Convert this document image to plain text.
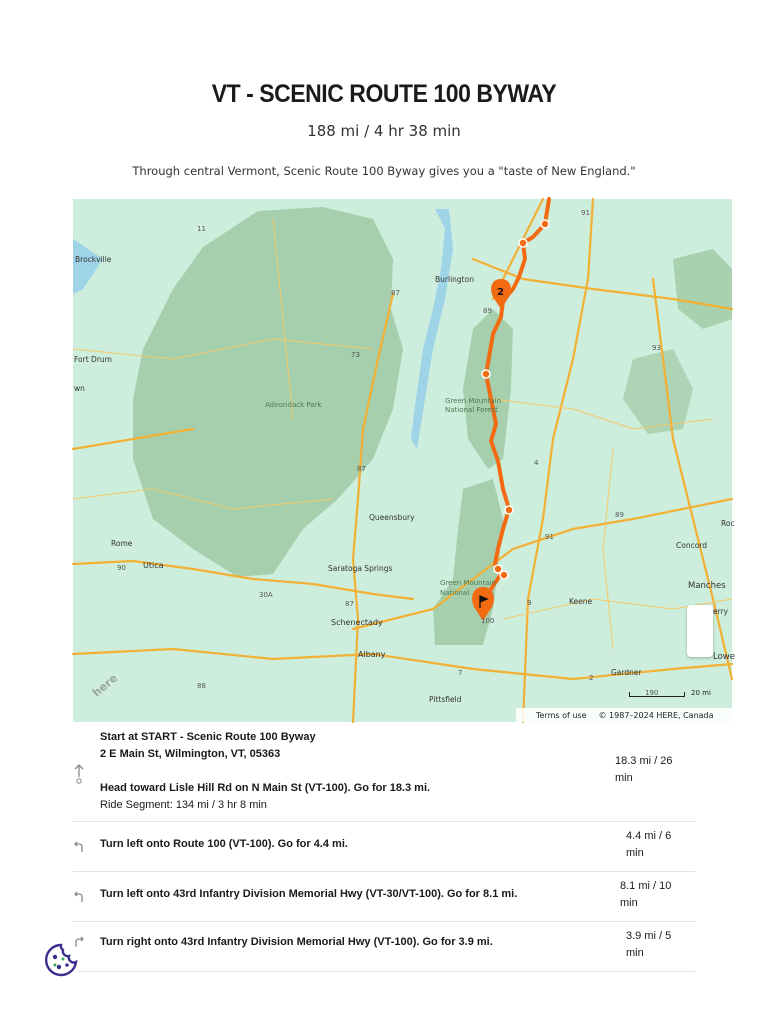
VT - SCENIC ROUTE 100 BYWAY
188 mi / 4 hr 38 min
Through central Vermont, Scenic Route 100 Byway gives you a "taste of New England."
2
Brockville
Burlington
Fort Drum
wn
Adirondack Park	Green Mountain
National Forest
Green Mountain
National
Queensbury
Rome
Utica	Saratoga Springs
Schenectady
Albany
Pittsfield
Keene
Concord
Manches
Gardner
Lowe
Roc
erry
11
87
89
73
87
4
89
91
91
93
90
30A
87
100
88
190
2
9
7
here	20 mi
Terms of use © 1987–2024 HERE, Canada
Start at START - Scenic Route 100 Byway
2 E Main St, Wilmington, VT, 05363

Head toward Lisle Hill Rd on N Main St (VT-100). Go for 18.3 mi.
Ride Segment: 134 mi / 3 hr 8 min
18.3 mi / 26
min
Turn left onto Route 100 (VT-100). Go for 4.4 mi.
4.4 mi / 6
min
Turn left onto 43rd Infantry Division Memorial Hwy (VT-30/VT-100). Go for 8.1 mi.
8.1 mi / 10
min
Turn right onto 43rd Infantry Division Memorial Hwy (VT-100). Go for 3.9 mi.	3.9 mi / 5
min
